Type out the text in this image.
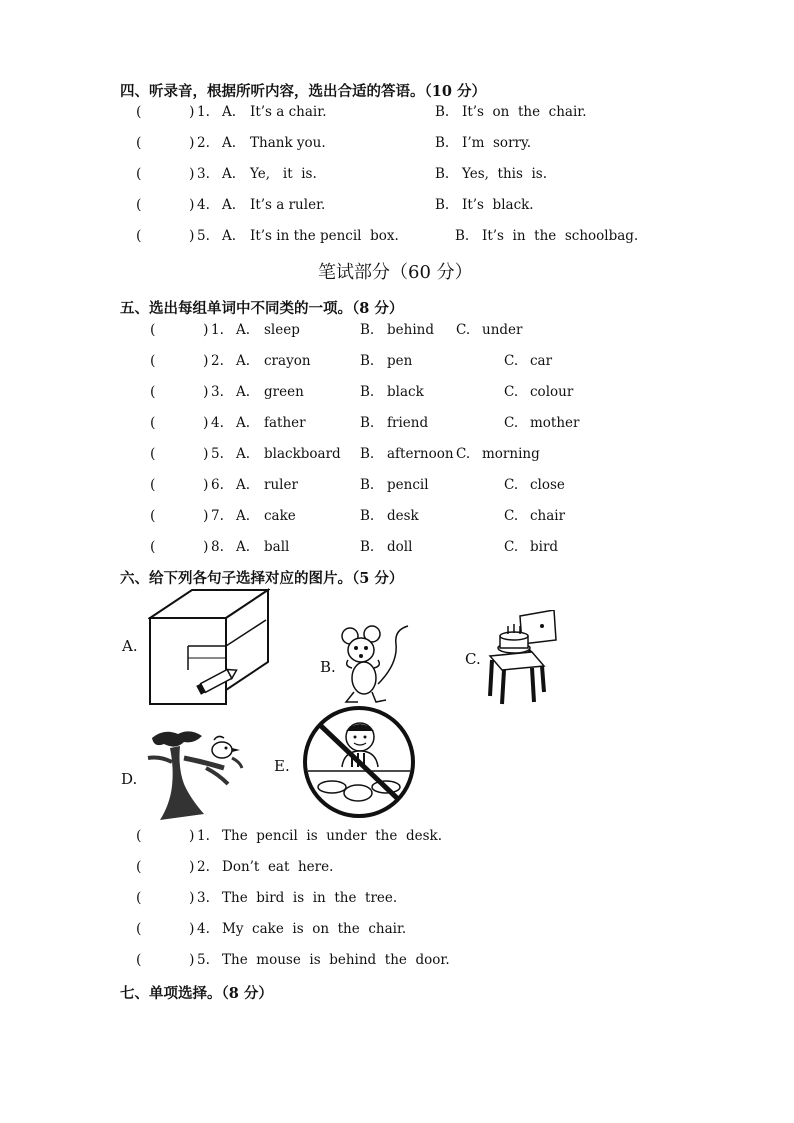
四、听录音，根据所听内容，选出合适的答语。（10 分）
(	) 1. A. It’s a chair.	B. It’s  on  the  chair.
(	) 2. A. Thank you.	B. I’m  sorry.
(	) 3. A. Ye,   it  is.	B. Yes,  this  is.
(	) 4. A. It’s a ruler.	B. It’s  black.
(	) 5. A. It’s in the pencil  box.	B. It’s  in  the  schoolbag.
笔试部分（60 分）
五、选出每组单词中不同类的一项。（8 分）
(	) 1. A. sleep	B. behind C. under
(	) 2. A. crayon	B. pen	C. car
(	) 3. A. green	B. black	C. colour
(	) 4. A. father	B. friend	C. mother
(	) 5. A. blackboard B. afternoon C. morning
(	) 6. A. ruler	B. pencil	C. close
(	) 7. A. cake	B. desk	C. chair
(	) 8. A. ball	B. doll	C. bird
六、给下列各句子选择对应的图片。（5 分）
A.
B.	C.
D.
E.
(	) 1. The  pencil  is  under  the  desk.
(	) 2. Don’t  eat  here.
(	) 3. The  bird  is  in  the  tree.
(	) 4. My  cake  is  on  the  chair.
(	) 5. The  mouse  is  behind  the  door.
七、单项选择。（8 分）
